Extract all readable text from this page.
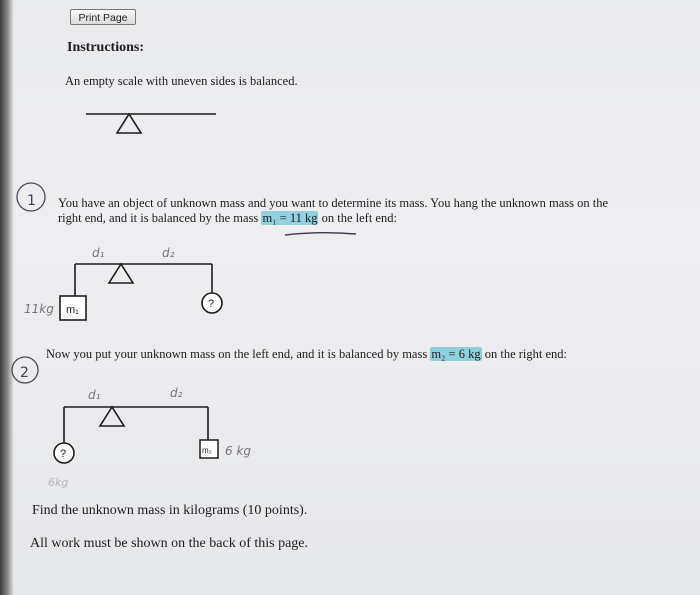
Print Page
Instructions:
An empty scale with uneven sides is balanced.
You have an object of unknown mass and you want to determine its mass. You hang the unknown mass on the
right end, and it is balanced by the mass m₁ = 11 kg on the left end:
Now you put your unknown mass on the left end, and it is balanced by mass m₂ = 6 kg on the right end:
Find the unknown mass in kilograms (10 points).
All work must be shown on the back of this page.
1
2
m₁	?
d₁	d₂
11kg
?	m₂
d₁	d₂
6 kg
6kg
